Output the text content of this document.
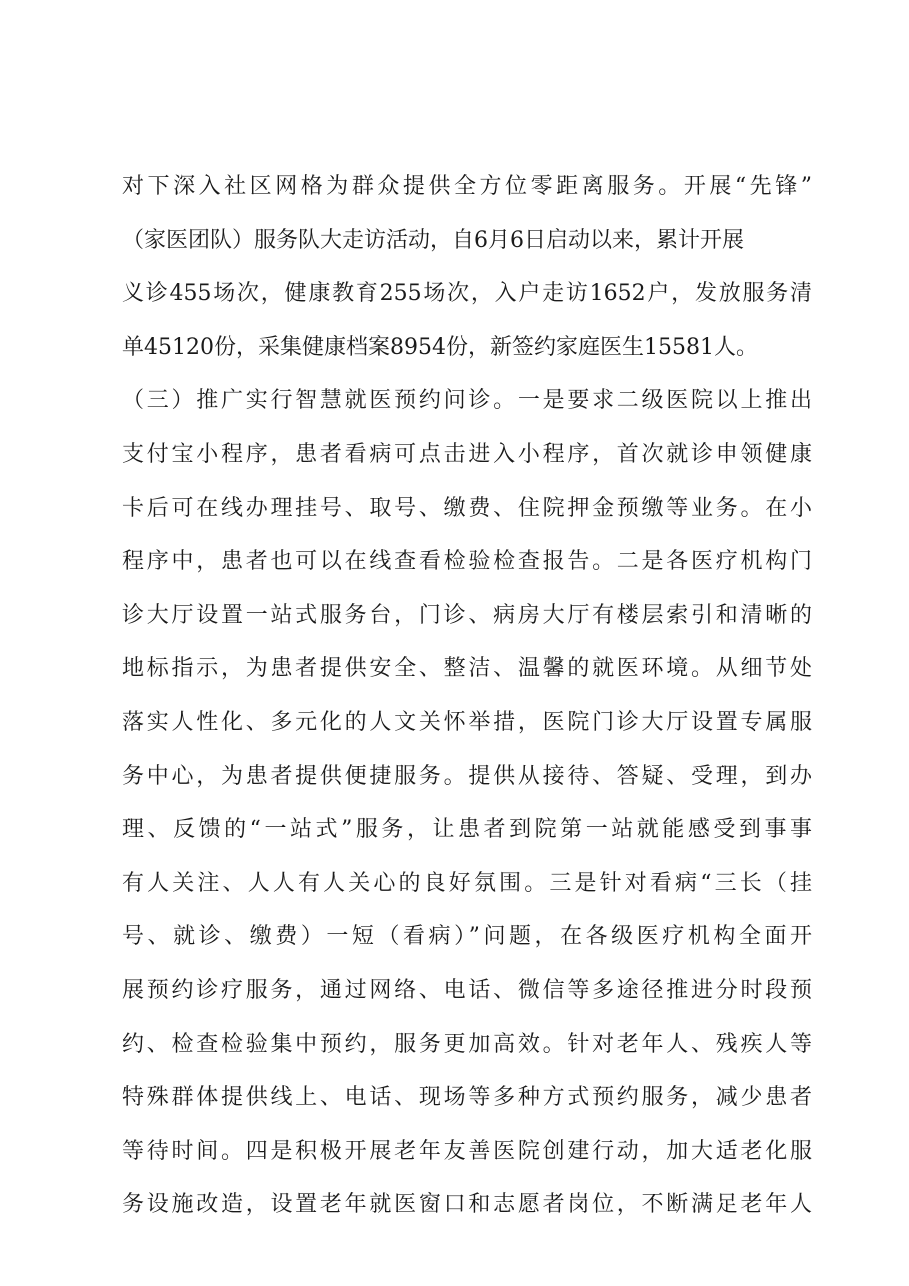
对下深入社区网格为群众提供全方位零距离服务。开展“先锋”
（家医团队）服务队大走访活动，自6月6日启动以来，累计开展
义诊455场次，健康教育255场次，入户走访1652户，发放服务清
单45120份，采集健康档案8954份，新签约家庭医生15581人。
（三）推广实行智慧就医预约问诊。一是要求二级医院以上推出
支付宝小程序，患者看病可点击进入小程序，首次就诊申领健康
卡后可在线办理挂号、取号、缴费、住院押金预缴等业务。在小
程序中，患者也可以在线查看检验检查报告。二是各医疗机构门
诊大厅设置一站式服务台，门诊、病房大厅有楼层索引和清晰的
地标指示，为患者提供安全、整洁、温馨的就医环境。从细节处
落实人性化、多元化的人文关怀举措，医院门诊大厅设置专属服
务中心，为患者提供便捷服务。提供从接待、答疑、受理，到办
理、反馈的“一站式”服务，让患者到院第一站就能感受到事事
有人关注、人人有人关心的良好氛围。三是针对看病“三长（挂
号、就诊、缴费）一短（看病）”问题，在各级医疗机构全面开
展预约诊疗服务，通过网络、电话、微信等多途径推进分时段预
约、检查检验集中预约，服务更加高效。针对老年人、残疾人等
特殊群体提供线上、电话、现场等多种方式预约服务，减少患者
等待时间。四是积极开展老年友善医院创建行动，加大适老化服
务设施改造，设置老年就医窗口和志愿者岗位，不断满足老年人
